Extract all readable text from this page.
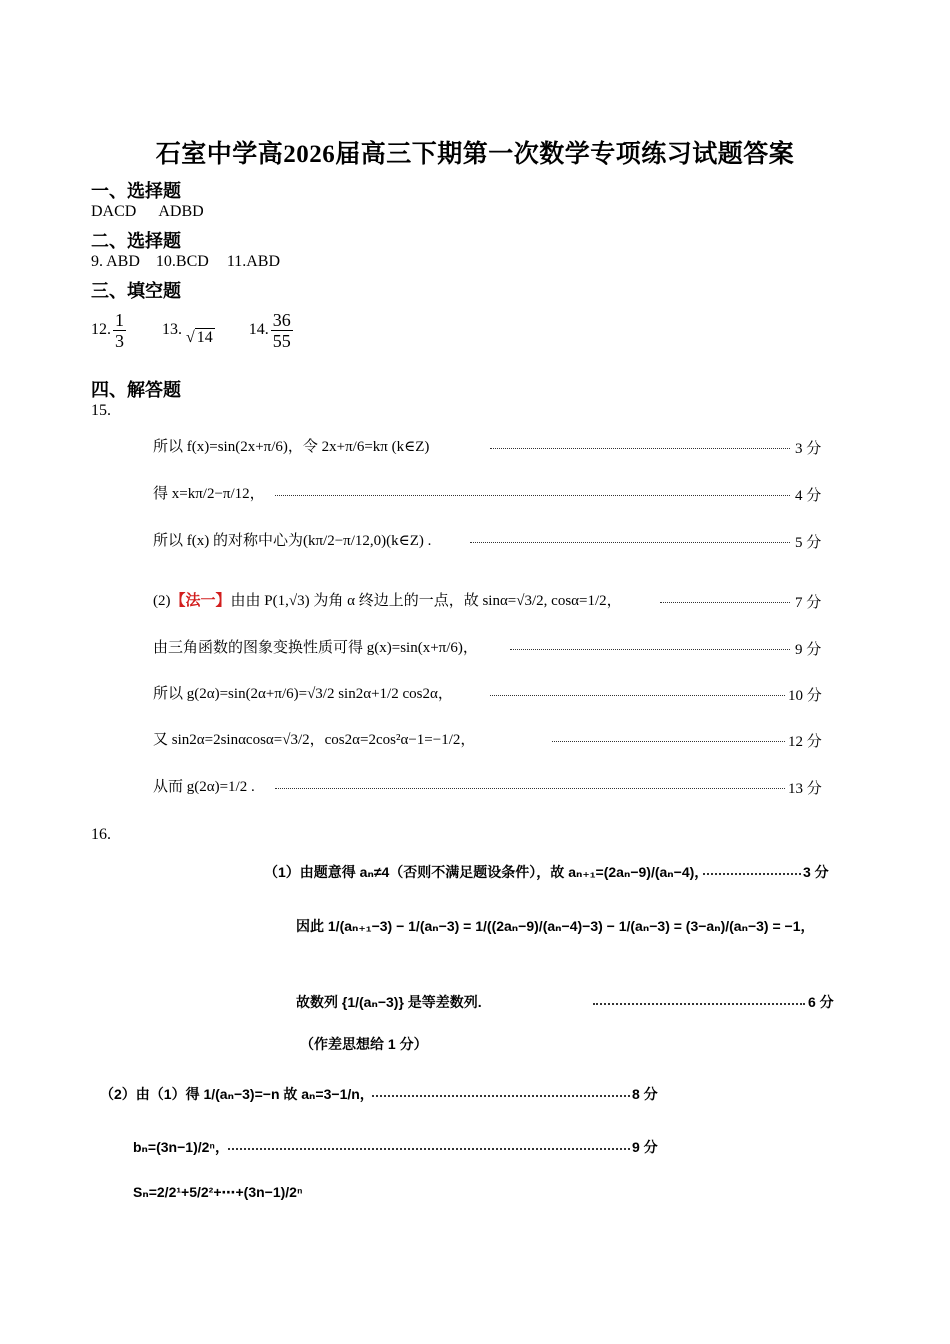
石室中学高2026届高三下期第一次数学专项练习试题答案
一、选择题
DACD ADBD
二、选择题
9. ABD 10.BCD 11.ABD
三、填空题
12. $\frac{1}{3} 13$. √ 14 14. $\frac{36}{55}$
四、解答题
15.
所以 f(x)=sin(2x+π/6)，令 2x+π/6=kπ (k∈Z)	3 分
得 x=kπ/2−π/12，	4 分
所以 f(x) 的对称中心为(kπ/2−π/12,0)(k∈Z) .	5 分
(2)【法一】由由 P(1,√3) 为角 α 终边上的一点，故 sinα=√3/2, cosα=1/2，	7 分
由三角函数的图象变换性质可得 g(x)=sin(x+π/6)，	9 分
所以 g(2α)=sin(2α+π/6)=√3/2 sin2α+1/2 cos2α，	10 分
又 sin2α=2sinαcosα=√3/2，cos2α=2cos²α−1=−1/2，	12 分
从而 g(2α)=1/2 .	13 分
16.
（1）由题意得 aₙ≠4（否则不满足题设条件），故 aₙ₊₁=(2aₙ−9)/(aₙ−4)，	3 分
因此 1/(aₙ₊₁−3) − 1/(aₙ−3) = 1/((2aₙ−9)/(aₙ−4)−3) − 1/(aₙ−3) = (3−aₙ)/(aₙ−3) = −1，
故数列 {1/(aₙ−3)} 是等差数列.	6 分
（作差思想给 1 分）
（2）由（1）得 1/(aₙ−3)=−n 故 aₙ=3−1/n，	8 分
bₙ=(3n−1)/2ⁿ，	9 分
Sₙ=2/2¹+5/2²+⋯+(3n−1)/2ⁿ
